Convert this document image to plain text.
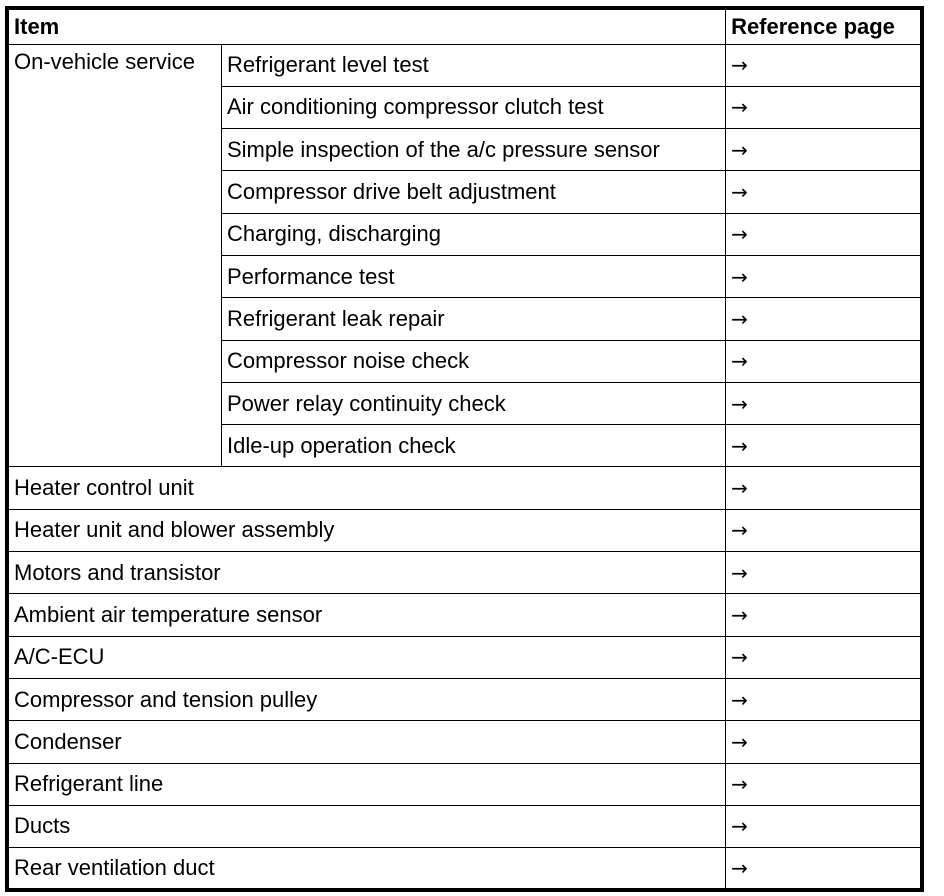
Item		Reference page
On-vehicle service	Refrigerant level test	→
	Air conditioning compressor clutch test	→
	Simple inspection of the a/c pressure sensor	→
	Compressor drive belt adjustment	→
	Charging, discharging	→
	Performance test	→
	Refrigerant leak repair	→
	Compressor noise check	→
	Power relay continuity check	→
	Idle-up operation check	→
Heater control unit		→
Heater unit and blower assembly		→
Motors and transistor		→
Ambient air temperature sensor		→
A/C-ECU		→
Compressor and tension pulley		→
Condenser		→
Refrigerant line		→
Ducts		→
Rear ventilation duct		→
